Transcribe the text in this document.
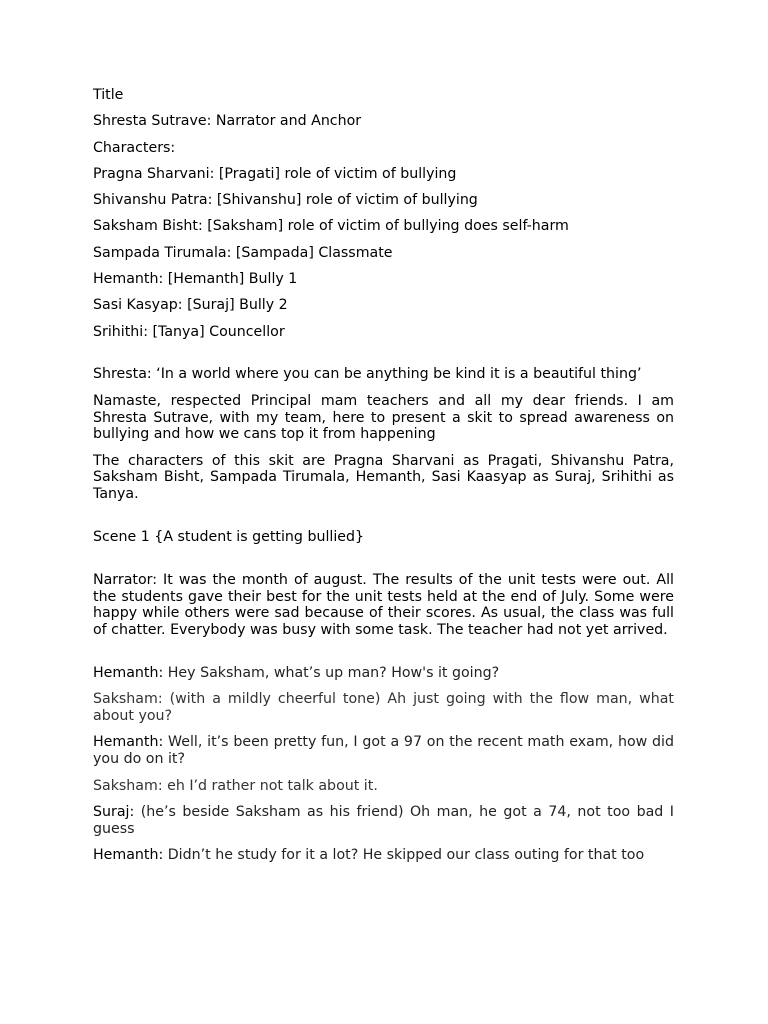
Title

Shresta Sutrave: Narrator and Anchor

Characters:

Pragna Sharvani: [Pragati] role of victim of bullying

Shivanshu Patra: [Shivanshu] role of victim of bullying

Saksham Bisht: [Saksham] role of victim of bullying does self-harm

Sampada Tirumala: [Sampada] Classmate

Hemanth: [Hemanth] Bully 1

Sasi Kasyap: [Suraj] Bully 2

Srihithi: [Tanya] Councellor

Shresta: ‘In a world where you can be anything be kind it is a beautiful thing’

Namaste, respected Principal mam teachers and all my dear friends. I am Shresta Sutrave, with my team, here to present a skit to spread awareness on bullying and how we cans top it from happening

The characters of this skit are Pragna Sharvani as Pragati, Shivanshu Patra, Saksham Bisht, Sampada Tirumala, Hemanth, Sasi Kaasyap as Suraj, Srihithi as Tanya.

Scene 1 {A student is getting bullied}

Narrator: It was the month of august. The results of the unit tests were out. All the students gave their best for the unit tests held at the end of July. Some were happy while others were sad because of their scores. As usual, the class was full of chatter. Everybody was busy with some task. The teacher had not yet arrived.

Hemanth: Hey Saksham, what’s up man? How's it going?

Saksham: (with a mildly cheerful tone) Ah just going with the flow man, what about you?

Hemanth: Well, it’s been pretty fun, I got a 97 on the recent math exam, how did you do on it?

Saksham: eh I’d rather not talk about it.

Suraj: (he’s beside Saksham as his friend) Oh man, he got a 74, not too bad I guess

Hemanth: Didn’t he study for it a lot? He skipped our class outing for that too
